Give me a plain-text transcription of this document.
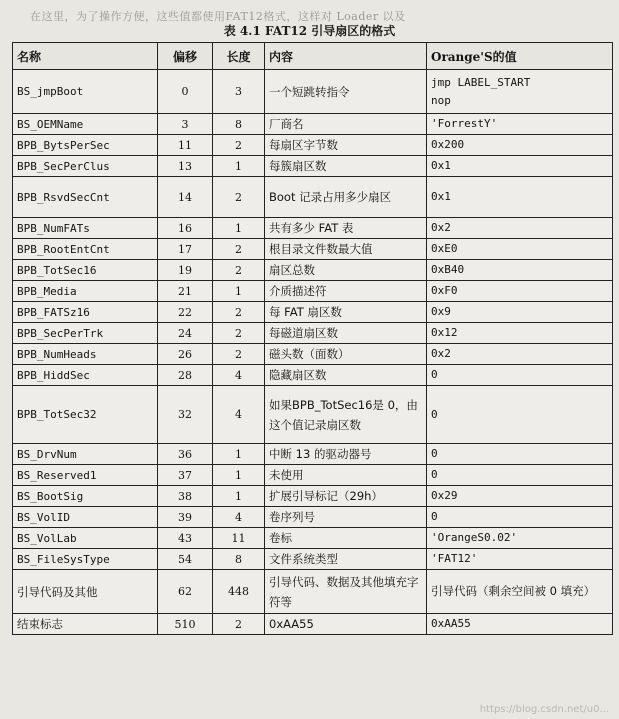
在这里，为了操作方便，这些值都使用FAT12格式，这样对 Loader 以及
表 4.1 FAT12 引导扇区的格式
名称	偏移	长度	内容	Orange'S的值
BS_jmpBoot	0	3	一个短跳转指令	jmp LABEL_START
nop
BS_OEMName	3	8	厂商名	'ForrestY'
BPB_BytsPerSec	11	2	每扇区字节数	0x200
BPB_SecPerClus	13	1	每簇扇区数	0x1
BPB_RsvdSecCnt	14	2	Boot 记录占用多少扇区	0x1
BPB_NumFATs	16	1	共有多少 FAT 表	0x2
BPB_RootEntCnt	17	2	根目录文件数最大值	0xE0
BPB_TotSec16	19	2	扇区总数	0xB40
BPB_Media	21	1	介质描述符	0xF0
BPB_FATSz16	22	2	每 FAT 扇区数	0x9
BPB_SecPerTrk	24	2	每磁道扇区数	0x12
BPB_NumHeads	26	2	磁头数（面数）	0x2
BPB_HiddSec	28	4	隐藏扇区数	0
BPB_TotSec32	32	4	如果BPB_TotSec16是 0，由这个值记录扇区数	0
BS_DrvNum	36	1	中断 13 的驱动器号	0
BS_Reserved1	37	1	未使用	0
BS_BootSig	38	1	扩展引导标记（29h）	0x29
BS_VolID	39	4	卷序列号	0
BS_VolLab	43	11	卷标	'OrangeS0.02'
BS_FileSysType	54	8	文件系统类型	'FAT12'
引导代码及其他	62	448	引导代码、数据及其他填充字符等	引导代码（剩余空间被 0 填充）
结束标志	510	2	0xAA55	0xAA55
https://blog.csdn.net/u0...
